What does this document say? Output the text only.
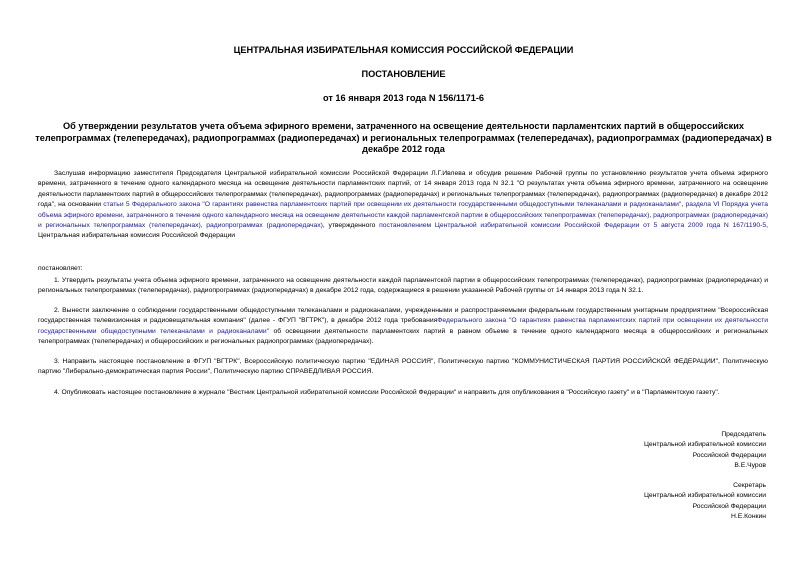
ЦЕНТРАЛЬНАЯ ИЗБИРАТЕЛЬНАЯ КОМИССИЯ РОССИЙСКОЙ ФЕДЕРАЦИИ
ПОСТАНОВЛЕНИЕ
от 16 января 2013 года N 156/1171-6
Об утверждении результатов учета объема эфирного времени, затраченного на освещение деятельности парламентских партий в общероссийских телепрограммах (телепередачах), радиопрограммах (радиопередачах) и региональных телепрограммах (телепередачах), радиопрограммах (радиопередачах) в декабре 2012 года

Заслушав информацию заместителя Председателя Центральной избирательной комиссии Российской Федерации Л.Г.Ивлева и обсудив решение Рабочей группы по установлению результатов учета объема эфирного времени, затраченного в течение одного календарного месяца на освещение деятельности парламентских партий, от 14 января 2013 года N 32.1 "О результатах учета объема эфирного времени, затраченного на освещение деятельности парламентских партий в общероссийских телепрограммах (телепередачах), радиопрограммах (радиопередачах) и региональных телепрограммах (телепередачах), радиопрограммах (радиопередачах) в декабре 2012 года", на основании статьи 5 Федерального закона "О гарантиях равенства парламентских партий при освещении их деятельности государственными общедоступными телеканалами и радиоканалами", раздела VI Порядка учета объема эфирного времени, затраченного в течение одного календарного месяца на освещение деятельности каждой парламентской партии в общероссийских телепрограммах (телепередачах), радиопрограммах (радиопередачах) и региональных телепрограммах (телепередачах), радиопрограммах (радиопередачах), утвержденного постановлением Центральной избирательной комиссии Российской Федерации от 5 августа 2009 года N 167/1190-5, Центральная избирательная комиссия Российской Федерации

постановляет:

1. Утвердить результаты учета объема эфирного времени, затраченного на освещение деятельности каждой парламентской партии в общероссийских телепрограммах (телепередачах), радиопрограммах (радиопередачах) и региональных телепрограммах (телепередачах), радиопрограммах (радиопередачах) в декабре 2012 года, содержащиеся в решении указанной Рабочей группы от 14 января 2013 года N 32.1.

2. Вынести заключение о соблюдении государственными общедоступными телеканалами и радиоканалами, учрежденными и распространяемыми федеральным государственным унитарным предприятием "Всероссийская государственная телевизионная и радиовещательная компания" (далее - ФГУП "ВГТРК"), в декабре 2012 года требованияФедерального закона "О гарантиях равенства парламентских партий при освещении их деятельности государственными общедоступными телеканалами и радиоканалами" об освещении деятельности парламентских партий в равном объеме в течение одного календарного месяца в общероссийских и региональных телепрограммах (телепередачах) и общероссийских и региональных радиопрограммах (радиопередачах).

3. Направить настоящее постановление в ФГУП "ВГТРК", Всероссийскую политическую партию "ЕДИНАЯ РОССИЯ", Политическую партию "КОММУНИСТИЧЕСКАЯ ПАРТИЯ РОССИЙСКОЙ ФЕДЕРАЦИИ", Политическую партию "Либерально-демократическая партия России", Политическую партию СПРАВЕДЛИВАЯ РОССИЯ.

4. Опубликовать настоящее постановление в журнале "Вестник Центральной избирательной комиссии Российской Федерации" и направить для опубликования в "Российскую газету" и в "Парламентскую газету".

Председатель
Центральной избирательной комиссии
Российской Федерации
В.Е.Чуров
Секретарь
Центральной избирательной комиссии
Российской Федерации
Н.Е.Конкин
